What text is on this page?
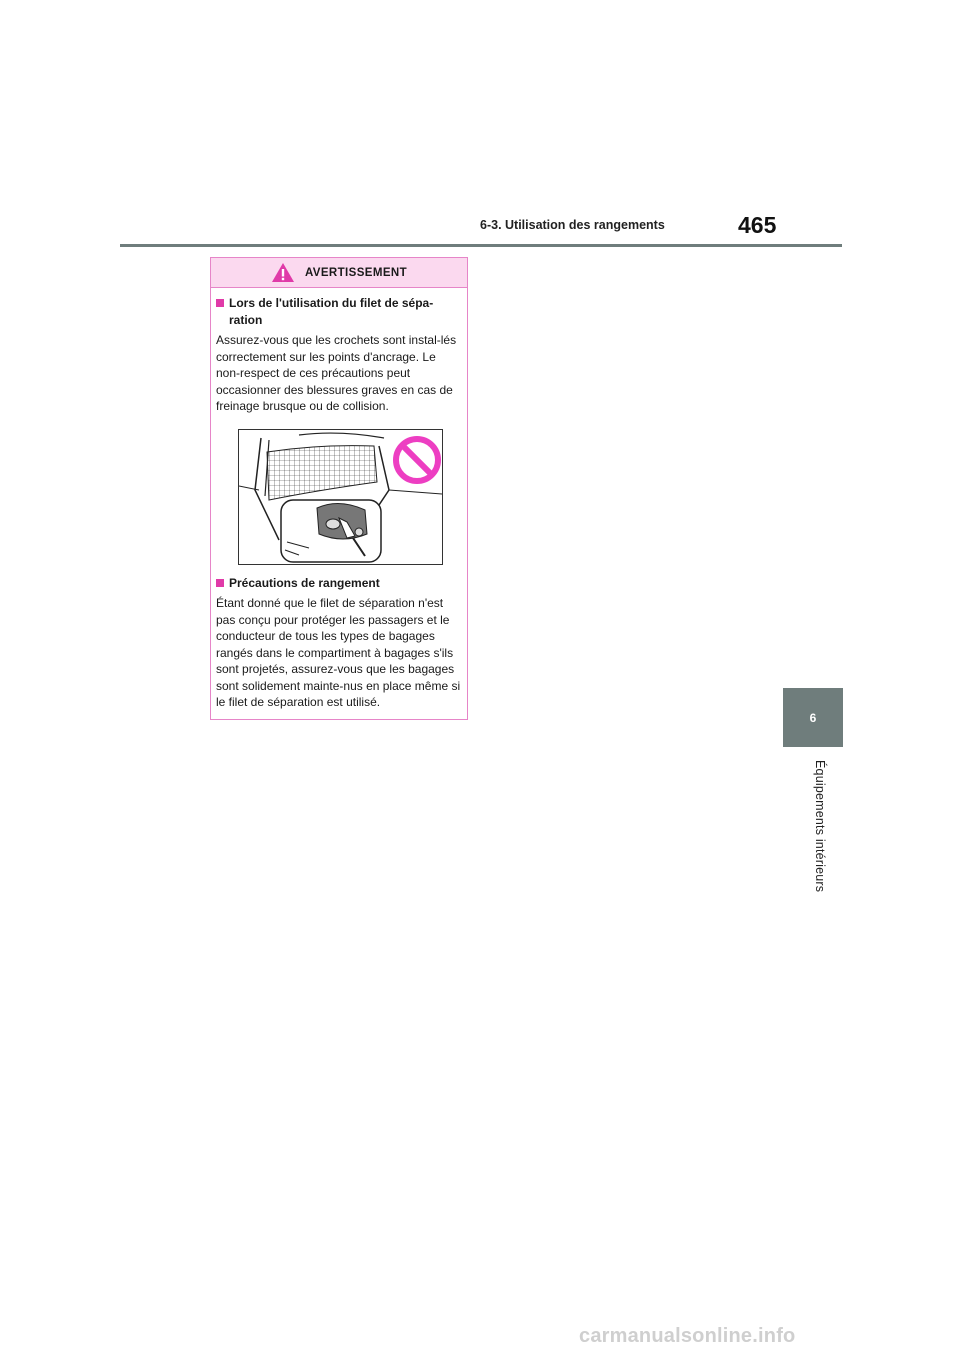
6-3. Utilisation des rangements	465
6
Équipements intérieurs
AVERTISSEMENT
Lors de l'utilisation du filet de sépa-ration

Assurez-vous que les crochets sont instal-lés correctement sur les points d'ancrage. Le non-respect de ces précautions peut occasionner des blessures graves en cas de freinage brusque ou de collision.

Précautions de rangement

Étant donné que le filet de séparation n'est pas conçu pour protéger les passagers et le conducteur de tous les types de bagages rangés dans le compartiment à bagages s'ils sont projetés, assurez-vous que les bagages sont solidement mainte-nus en place même si le filet de séparation est utilisé.

carmanualsonline.info
